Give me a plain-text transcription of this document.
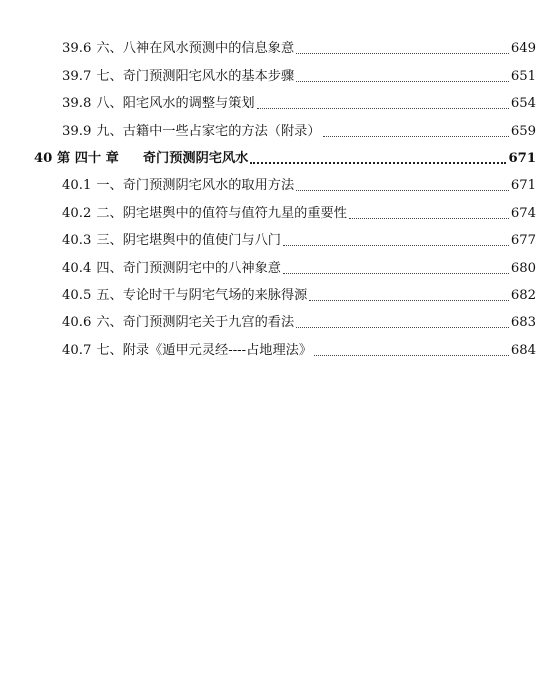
39.6 六、八神在风水预测中的信息象意	649
39.7 七、奇门预测阳宅风水的基本步骤	651
39.8 八、阳宅风水的调整与策划	654
39.9 九、古籍中一些占家宅的方法（附录）	659
40 第 四十 章 奇门预测阴宅风水	671
40.1 一、奇门预测阴宅风水的取用方法	671
40.2 二、阴宅堪舆中的值符与值符九星的重要性	674
40.3 三、阴宅堪舆中的值使门与八门	677
40.4 四、奇门预测阴宅中的八神象意	680
40.5 五、专论时干与阴宅气场的来脉得源	682
40.6 六、奇门预测阴宅关于九宫的看法	683
40.7 七、附录《遁甲元灵经----占地理法》	684
